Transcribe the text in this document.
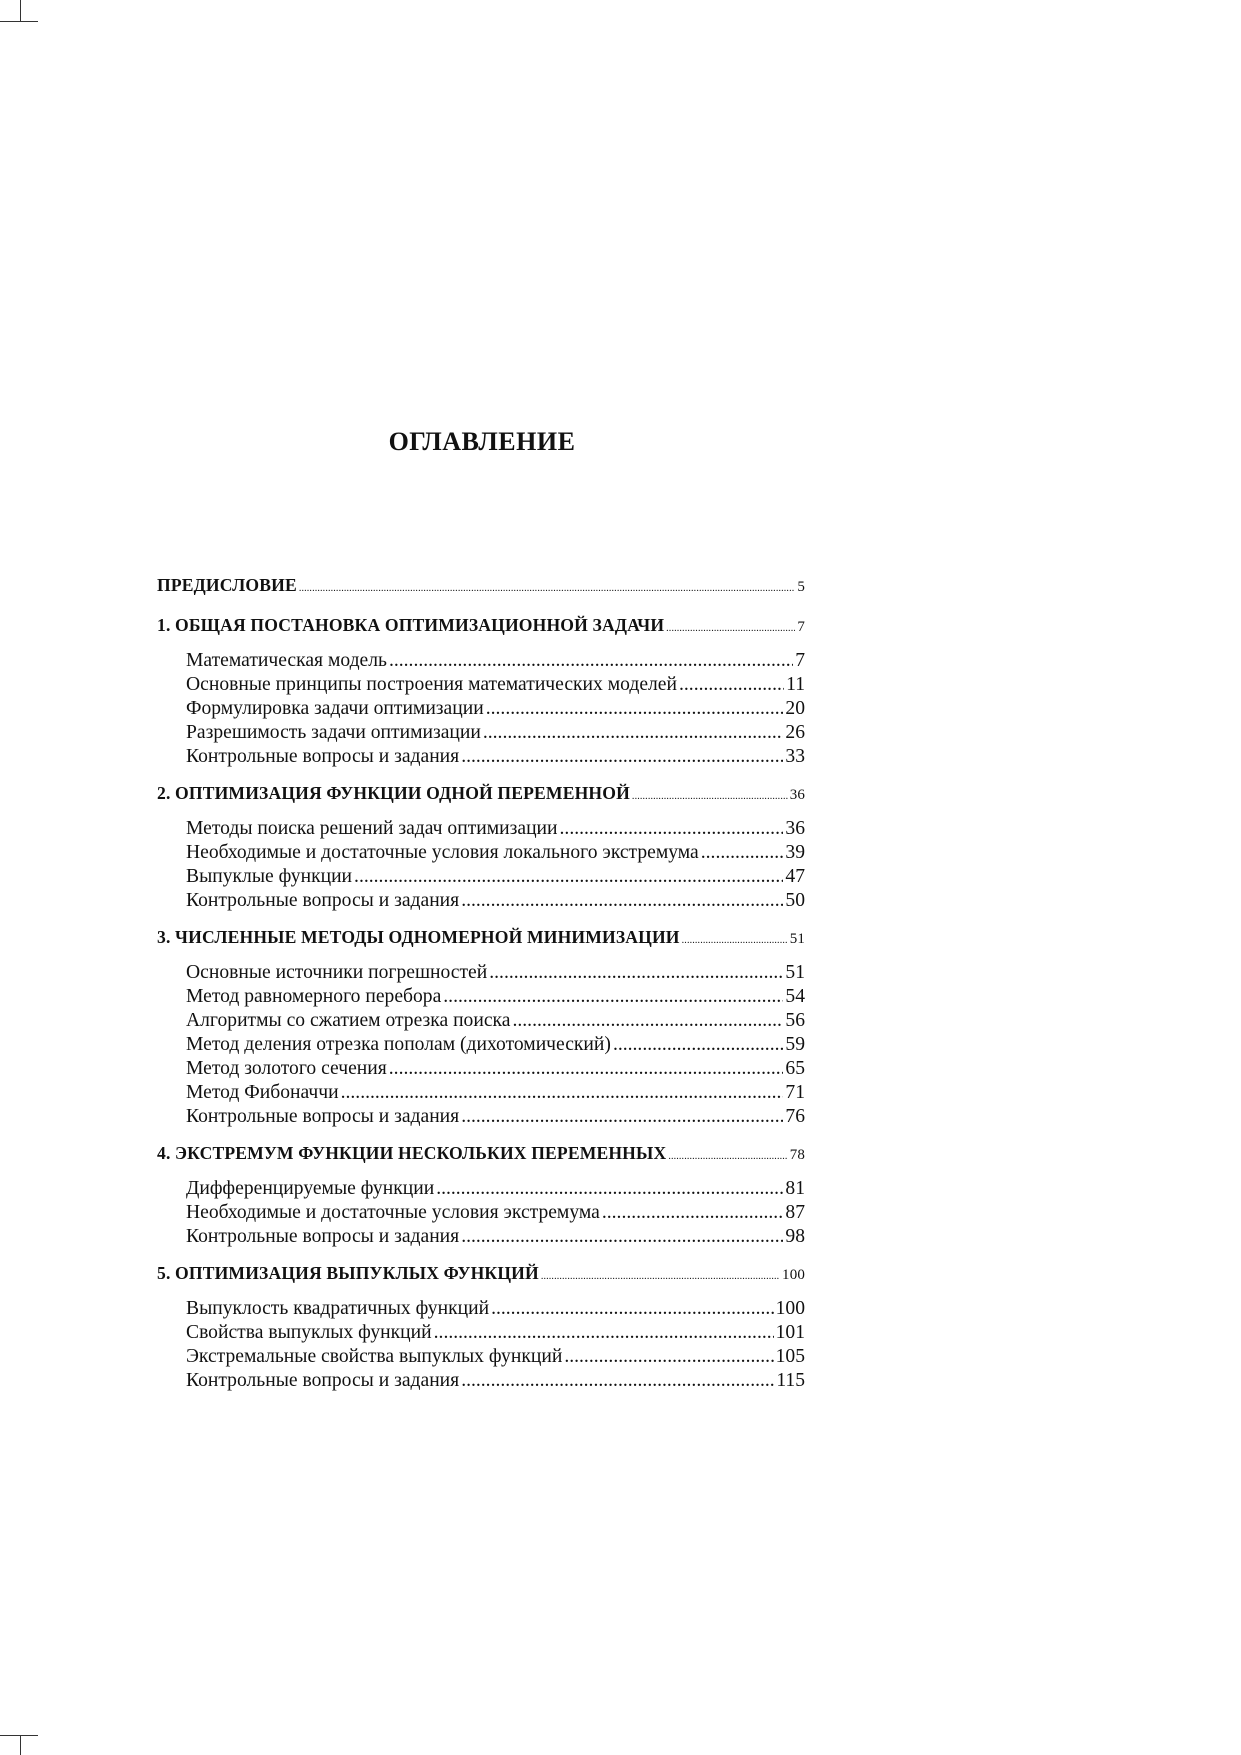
ОГЛАВЛЕНИЕ
ПРЕДИСЛОВИЕ .....	5
1. ОБЩАЯ ПОСТАНОВКА ОПТИМИЗАЦИОННОЙ ЗАДАЧИ .....	7
Математическая модель .....	7
Основные принципы построения математических моделей .....	11
Формулировка задачи оптимизации .....	20
Разрешимость задачи оптимизации .....	26
Контрольные вопросы и задания .....	33
2. ОПТИМИЗАЦИЯ ФУНКЦИИ ОДНОЙ ПЕРЕМЕННОЙ .....	36
Методы поиска решений задач оптимизации .....	36
Необходимые и достаточные условия локального экстремума .....	39
Выпуклые функции .....	47
Контрольные вопросы и задания .....	50
3. ЧИСЛЕННЫЕ МЕТОДЫ ОДНОМЕРНОЙ МИНИМИЗАЦИИ .....	51
Основные источники погрешностей .....	51
Метод равномерного перебора .....	54
Алгоритмы со сжатием отрезка поиска .....	56
Метод деления отрезка пополам (дихотомический) .....	59
Метод золотого сечения .....	65
Метод Фибоначчи .....	71
Контрольные вопросы и задания .....	76
4. ЭКСТРЕМУМ ФУНКЦИИ НЕСКОЛЬКИХ ПЕРЕМЕННЫХ .....	78
Дифференцируемые функции .....	81
Необходимые и достаточные условия экстремума .....	87
Контрольные вопросы и задания .....	98
5. ОПТИМИЗАЦИЯ ВЫПУКЛЫХ ФУНКЦИЙ .....	100
Выпуклость квадратичных функций .....	100
Свойства выпуклых функций .....	101
Экстремальные свойства выпуклых функций .....	105
Контрольные вопросы и задания .....	115
